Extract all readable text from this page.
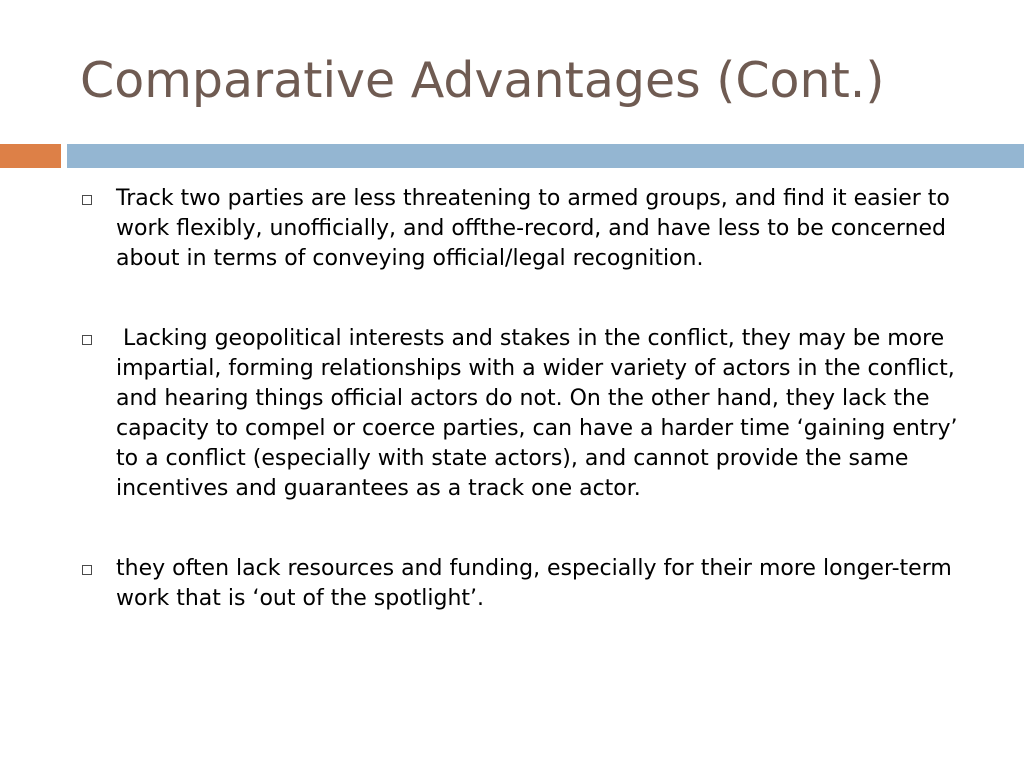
Comparative Advantages (Cont.)
Track two parties are less threatening to armed groups, and find it easier to work flexibly, unofficially, and offthe-record, and have less to be concerned about in terms of conveying official/legal recognition.
Lacking geopolitical interests and stakes in the conflict, they may be more impartial, forming relationships with a wider variety of actors in the conflict, and hearing things official actors do not. On the other hand, they lack the capacity to compel or coerce parties, can have a harder time ‘gaining entry’ to a conflict (especially with state actors), and cannot provide the same incentives and guarantees as a track one actor.
they often lack resources and funding, especially for their more longer-term work that is ‘out of the spotlight’.
